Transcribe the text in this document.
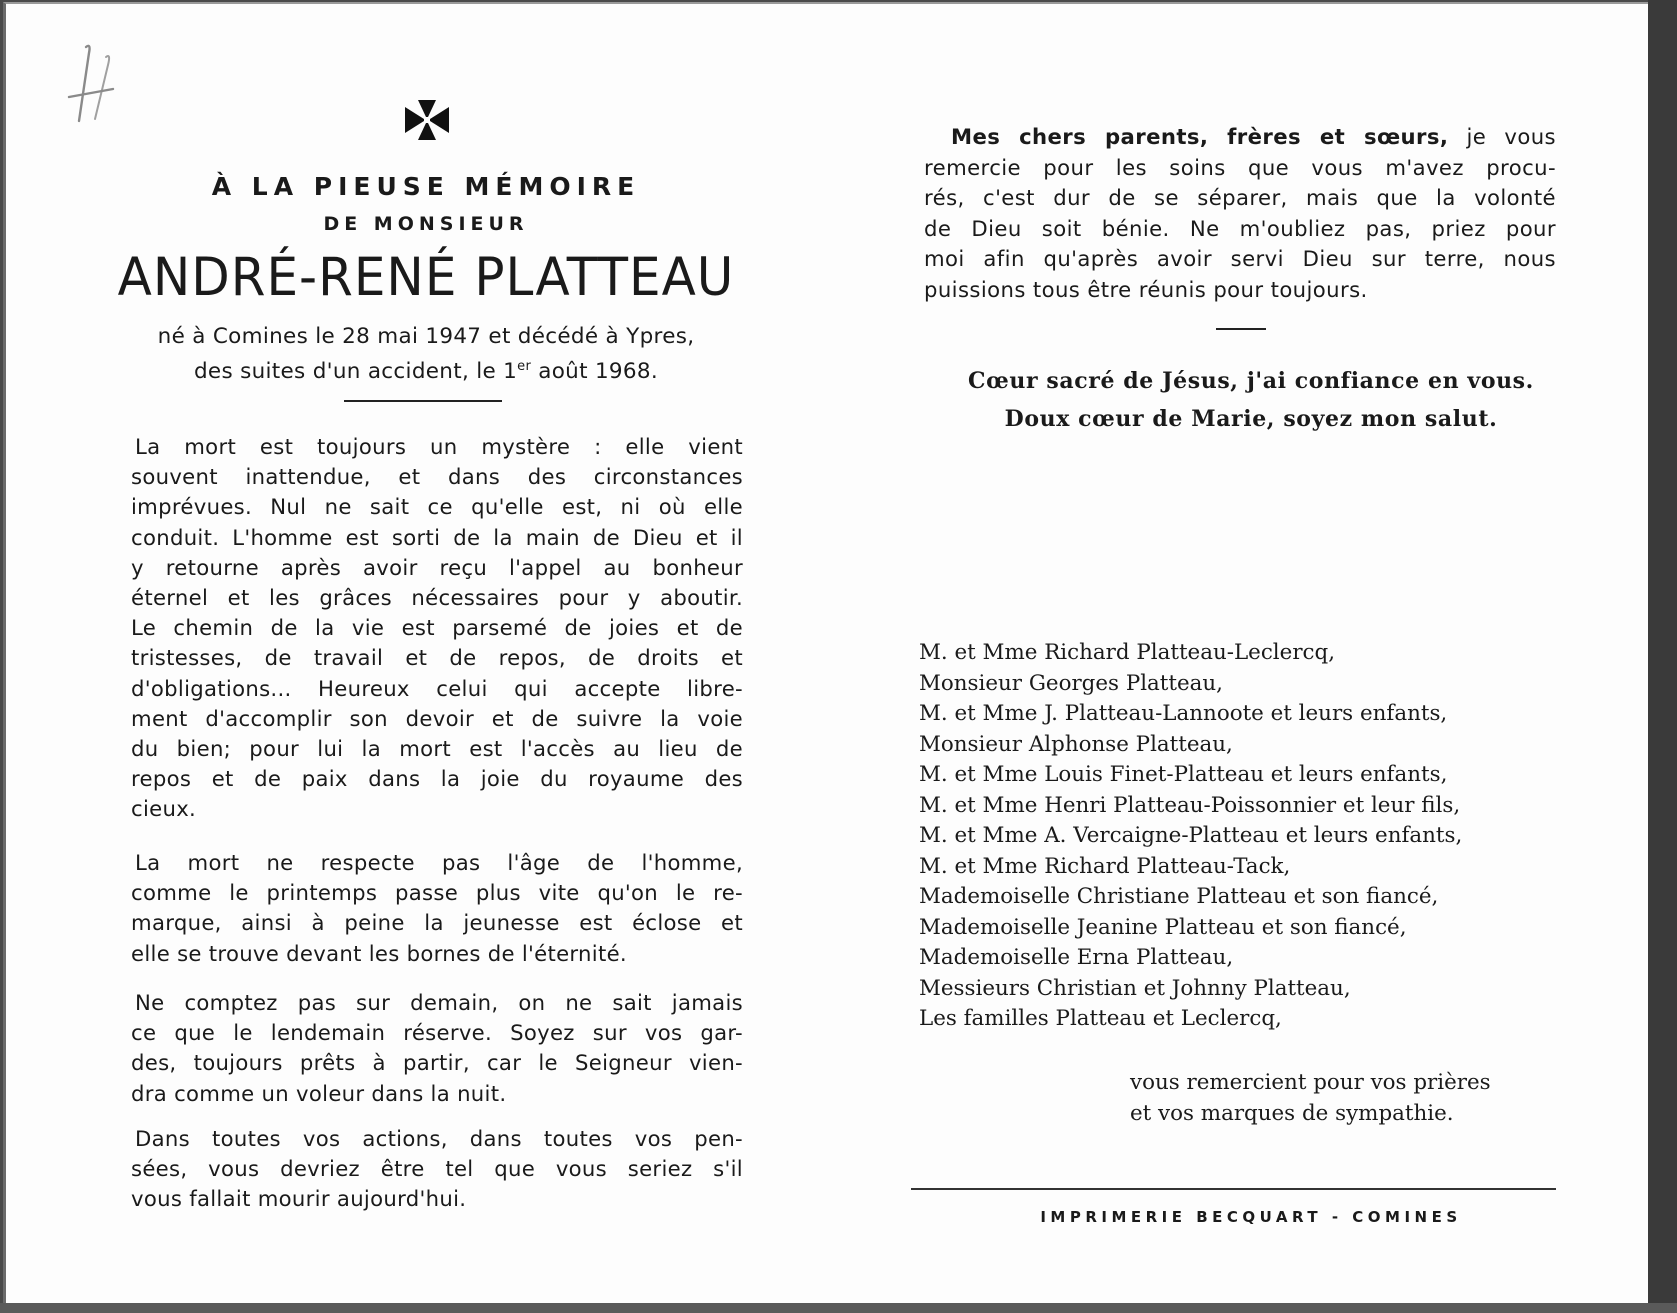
À LA PIEUSE MÉMOIRE
DE MONSIEUR
ANDRÉ-RENÉ PLATTEAU
né à Comines le 28 mai 1947 et décédé à Ypres,
des suites d'un accident, le 1er août 1968.
La mort est toujours un mystère : elle vient
souvent inattendue, et dans des circonstances
imprévues. Nul ne sait ce qu'elle est, ni où elle
conduit. L'homme est sorti de la main de Dieu et il
y retourne après avoir reçu l'appel au bonheur
éternel et les grâces nécessaires pour y aboutir.
Le chemin de la vie est parsemé de joies et de
tristesses, de travail et de repos, de droits et
d'obligations... Heureux celui qui accepte libre-
ment d'accomplir son devoir et de suivre la voie
du bien; pour lui la mort est l'accès au lieu de
repos et de paix dans la joie du royaume des
cieux.
La mort ne respecte pas l'âge de l'homme,
comme le printemps passe plus vite qu'on le re-
marque, ainsi à peine la jeunesse est éclose et
elle se trouve devant les bornes de l'éternité.
Ne comptez pas sur demain, on ne sait jamais
ce que le lendemain réserve. Soyez sur vos gar-
des, toujours prêts à partir, car le Seigneur vien-
dra comme un voleur dans la nuit.
Dans toutes vos actions, dans toutes vos pen-
sées, vous devriez être tel que vous seriez s'il
vous fallait mourir aujourd'hui.
Mes chers parents, frères et sœurs, je vous
remercie pour les soins que vous m'avez procu-
rés, c'est dur de se séparer, mais que la volonté
de Dieu soit bénie. Ne m'oubliez pas, priez pour
moi afin qu'après avoir servi Dieu sur terre, nous
puissions tous être réunis pour toujours.
Cœur sacré de Jésus, j'ai confiance en vous.
Doux cœur de Marie, soyez mon salut.
M. et Mme Richard Platteau-Leclercq,
Monsieur Georges Platteau,
M. et Mme J. Platteau-Lannoote et leurs enfants,
Monsieur Alphonse Platteau,
M. et Mme Louis Finet-Platteau et leurs enfants,
M. et Mme Henri Platteau-Poissonnier et leur fils,
M. et Mme A. Vercaigne-Platteau et leurs enfants,
M. et Mme Richard Platteau-Tack,
Mademoiselle Christiane Platteau et son fiancé,
Mademoiselle Jeanine Platteau et son fiancé,
Mademoiselle Erna Platteau,
Messieurs Christian et Johnny Platteau,
Les familles Platteau et Leclercq,
vous remercient pour vos prières
et vos marques de sympathie.
IMPRIMERIE BECQUART - COMINES
